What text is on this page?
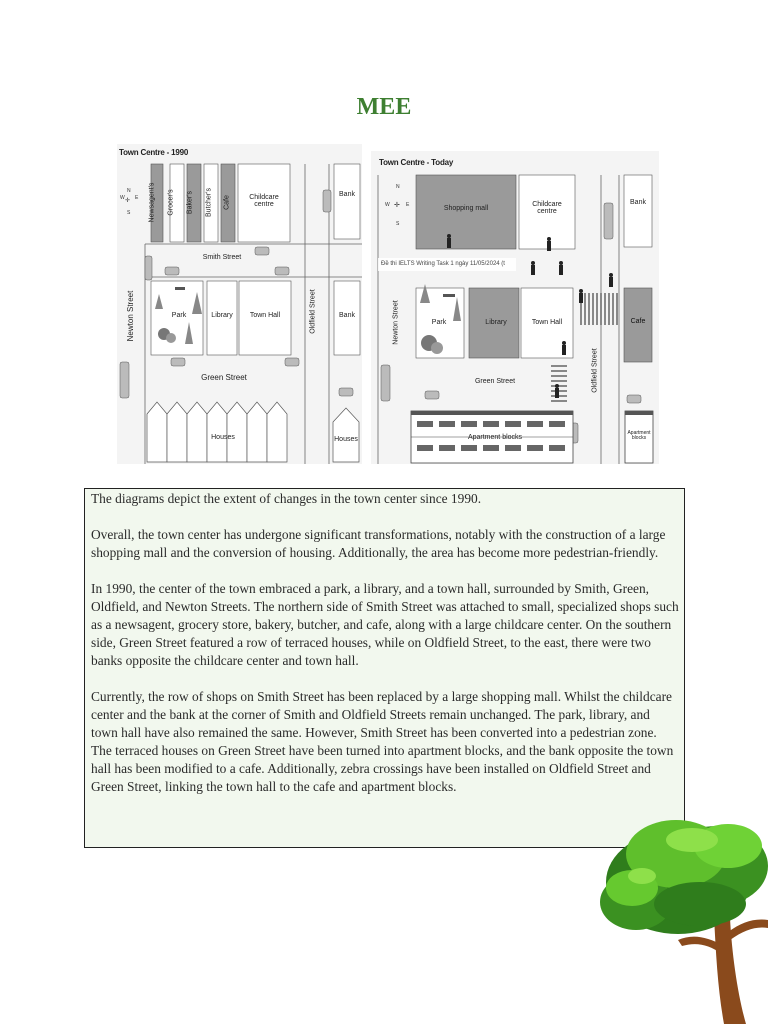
MEE
Town Centre - 1990
N
W E
S
✛	Newsagent's Grocer's Baker's Butcher's Cafe	Childcare centre
Bank
Smith Street
Newton Street	Oldfield Street	Bank
Park	Library	Town Hall
Green Street
Houses	Houses
Town Centre - Today
N
W	E
S
✛	Shopping mall
Childcare centre
Bank
Newton Street
Oldfield Street
Park	Library	Town Hall	Cafe
Green Street
Apartment blocks
Apartment blocks
Đề thi IELTS Writing Task 1 ngày 11/05/2024 (t

The diagrams depict the extent of changes in the town center since 1990.

Overall, the town center has undergone significant transformations, notably with the construction of a large shopping mall and the conversion of housing. Additionally, the area has become more pedestrian-friendly.

In 1990, the center of the town embraced a park, a library, and a town hall, surrounded by Smith, Green, Oldfield, and Newton Streets. The northern side of Smith Street was attached to small, specialized shops such as a newsagent, grocery store, bakery, butcher, and cafe, along with a large childcare center. On the southern side, Green Street featured a row of terraced houses, while on Oldfield Street, to the east, there were two banks opposite the childcare center and town hall.

Currently, the row of shops on Smith Street has been replaced by a large shopping mall. Whilst the childcare center and the bank at the corner of Smith and Oldfield Streets remain unchanged. The park, library, and town hall have also remained the same. However, Smith Street has been converted into a pedestrian zone. The terraced houses on Green Street have been turned into apartment blocks, and the bank opposite the town hall has been modified to a cafe. Additionally, zebra crossings have been installed on Oldfield Street and Green Street, linking the town hall to the cafe and apartment blocks.
